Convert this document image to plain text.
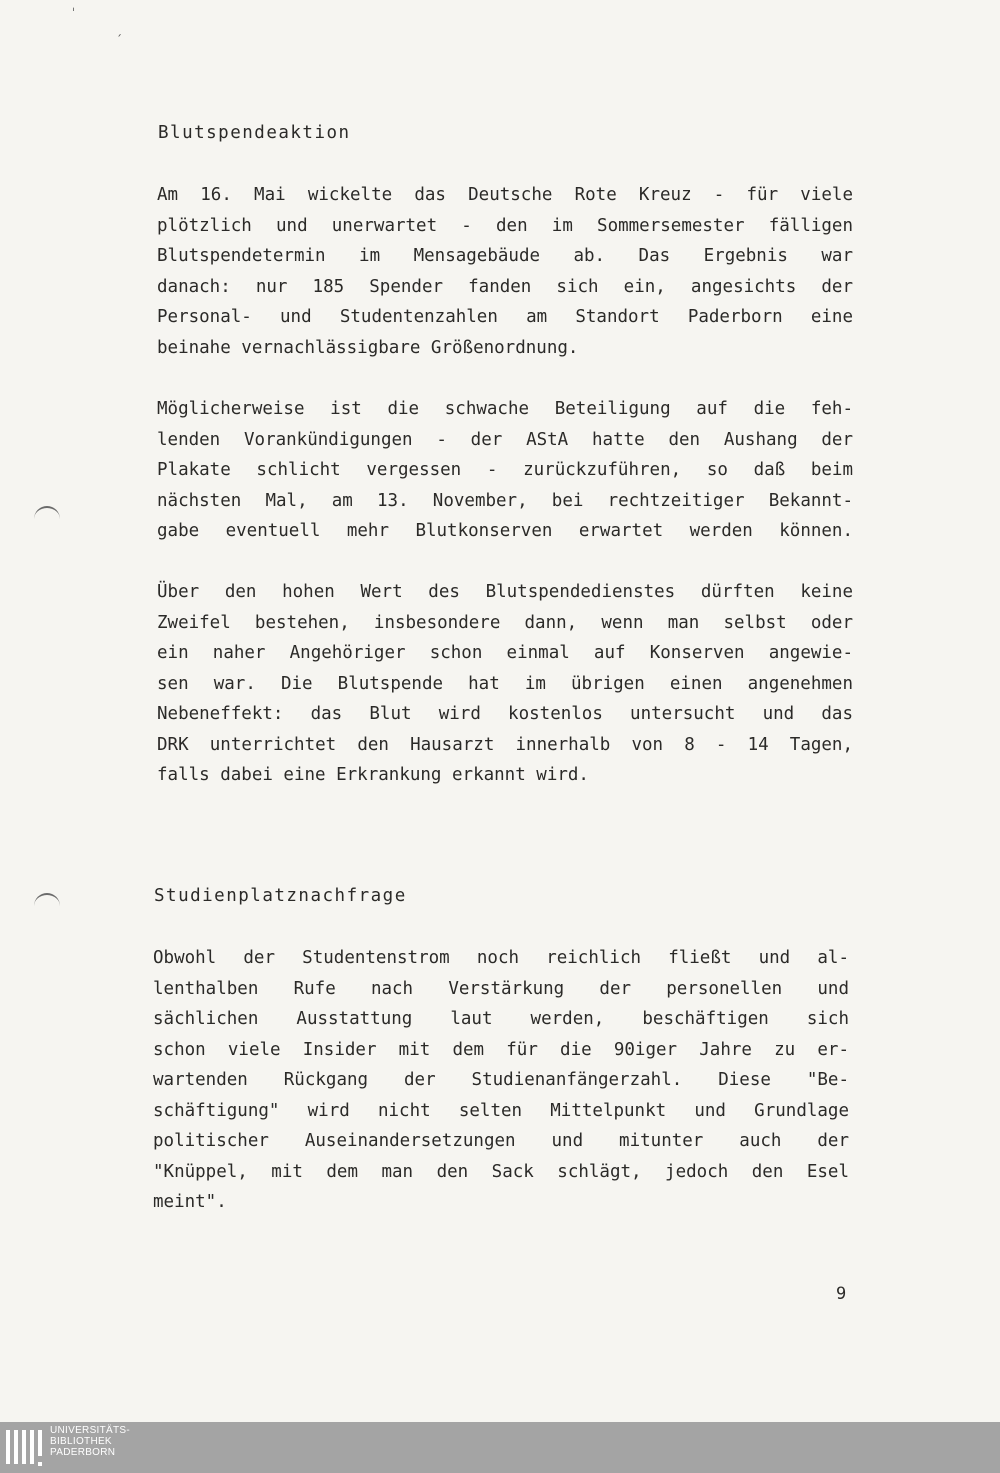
ˈ
ˏ
Blutspendeaktion
Am 16. Mai wickelte das Deutsche Rote Kreuz - für viele
plötzlich und unerwartet - den im Sommersemester fälligen
Blutspendetermin im Mensagebäude ab. Das Ergebnis war
danach: nur 185 Spender fanden sich ein, angesichts der
Personal- und Studentenzahlen am Standort Paderborn eine
beinahe vernachlässigbare Größenordnung.
Möglicherweise ist die schwache Beteiligung auf die feh-
lenden Vorankündigungen - der AStA hatte den Aushang der
Plakate schlicht vergessen - zurückzuführen, so daß beim
nächsten Mal, am 13. November, bei rechtzeitiger Bekannt-
gabe eventuell mehr Blutkonserven erwartet werden können.
Über den hohen Wert des Blutspendedienstes dürften keine
Zweifel bestehen, insbesondere dann, wenn man selbst oder
ein naher Angehöriger schon einmal auf Konserven angewie-
sen war. Die Blutspende hat im übrigen einen angenehmen
Nebeneffekt: das Blut wird kostenlos untersucht und das
DRK unterrichtet den Hausarzt innerhalb von 8 - 14 Tagen,
falls dabei eine Erkrankung erkannt wird.
Studienplatznachfrage
Obwohl der Studentenstrom noch reichlich fließt und al-
lenthalben Rufe nach Verstärkung der personellen und
sächlichen Ausstattung laut werden, beschäftigen sich
schon viele Insider mit dem für die 90iger Jahre zu er-
wartenden Rückgang der Studienanfängerzahl. Diese "Be-
schäftigung" wird nicht selten Mittelpunkt und Grundlage
politischer Auseinandersetzungen und mitunter auch der
"Knüppel, mit dem man den Sack schlägt, jedoch den Esel
meint".
9
UNIVERSITÄTS-
BIBLIOTHEK
PADERBORN
